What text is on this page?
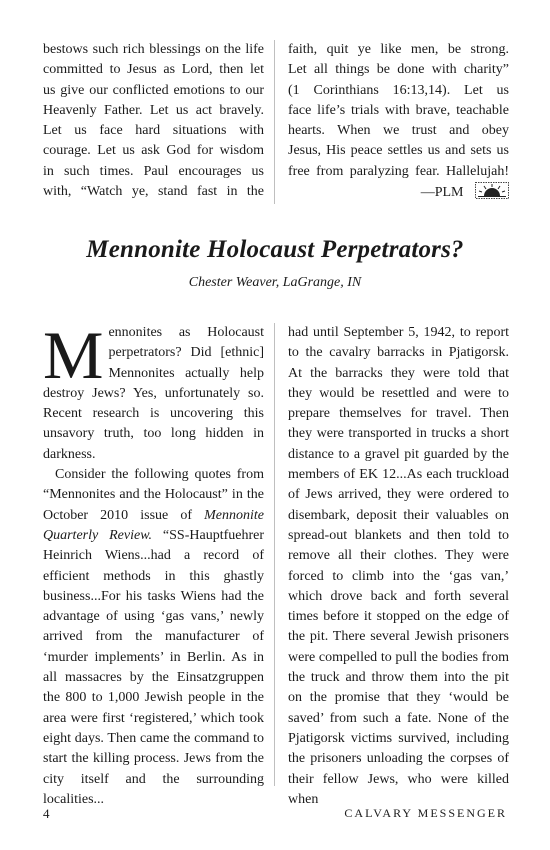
bestows such rich blessings on the life
committed to Jesus as Lord, then let
us give our conflicted emotions to our
Heavenly Father. Let us act bravely.
Let us face hard situations with
courage. Let us ask God for wisdom
in such times. Paul encourages us
with, “Watch ye, stand fast in the
faith, quit ye like men, be strong.
Let all things be done with charity”
(1 Corinthians 16:13,14). Let us
face life’s trials with brave, teachable
hearts. When we trust and obey
Jesus, His peace settles us and sets us
free from paralyzing fear. Hallelujah!
—PLM
Mennonite Holocaust Perpetrators?
Chester Weaver, LaGrange, IN

Mennonites as Holocaust perpetrators? Did [ethnic] Mennonites actually help destroy Jews? Yes, unfortunately so. Recent research is uncovering this unsavory truth, too long hidden in darkness.

Consider the following quotes from “Mennonites and the Holocaust” in the October 2010 issue of Mennonite Quarterly Review. “SS-Hauptfuehrer Heinrich Wiens...had a record of efficient methods in this ghastly business...For his tasks Wiens had the advantage of using ‘gas vans,’ newly arrived from the manufacturer of ‘murder implements’ in Berlin. As in all massacres by the Einsatzgruppen the 800 to 1,000 Jewish people in the area were first ‘registered,’ which took eight days. Then came the command to start the killing process. Jews from the city itself and the surrounding localities...

had until September 5, 1942, to report to the cavalry barracks in Pjatigorsk. At the barracks they were told that they would be resettled and were to prepare themselves for travel. Then they were transported in trucks a short distance to a gravel pit guarded by the members of EK 12...As each truckload of Jews arrived, they were ordered to disembark, deposit their valuables on spread-out blankets and then told to remove all their clothes. They were forced to climb into the ‘gas van,’ which drove back and forth several times before it stopped on the edge of the pit. There several Jewish prisoners were compelled to pull the bodies from the truck and throw them into the pit on the promise that they ‘would be saved’ from such a fate. None of the Pjatigorsk victims survived, including the prisoners unloading the corpses of their fellow Jews, who were killed when

4	CALVARY MESSENGER
